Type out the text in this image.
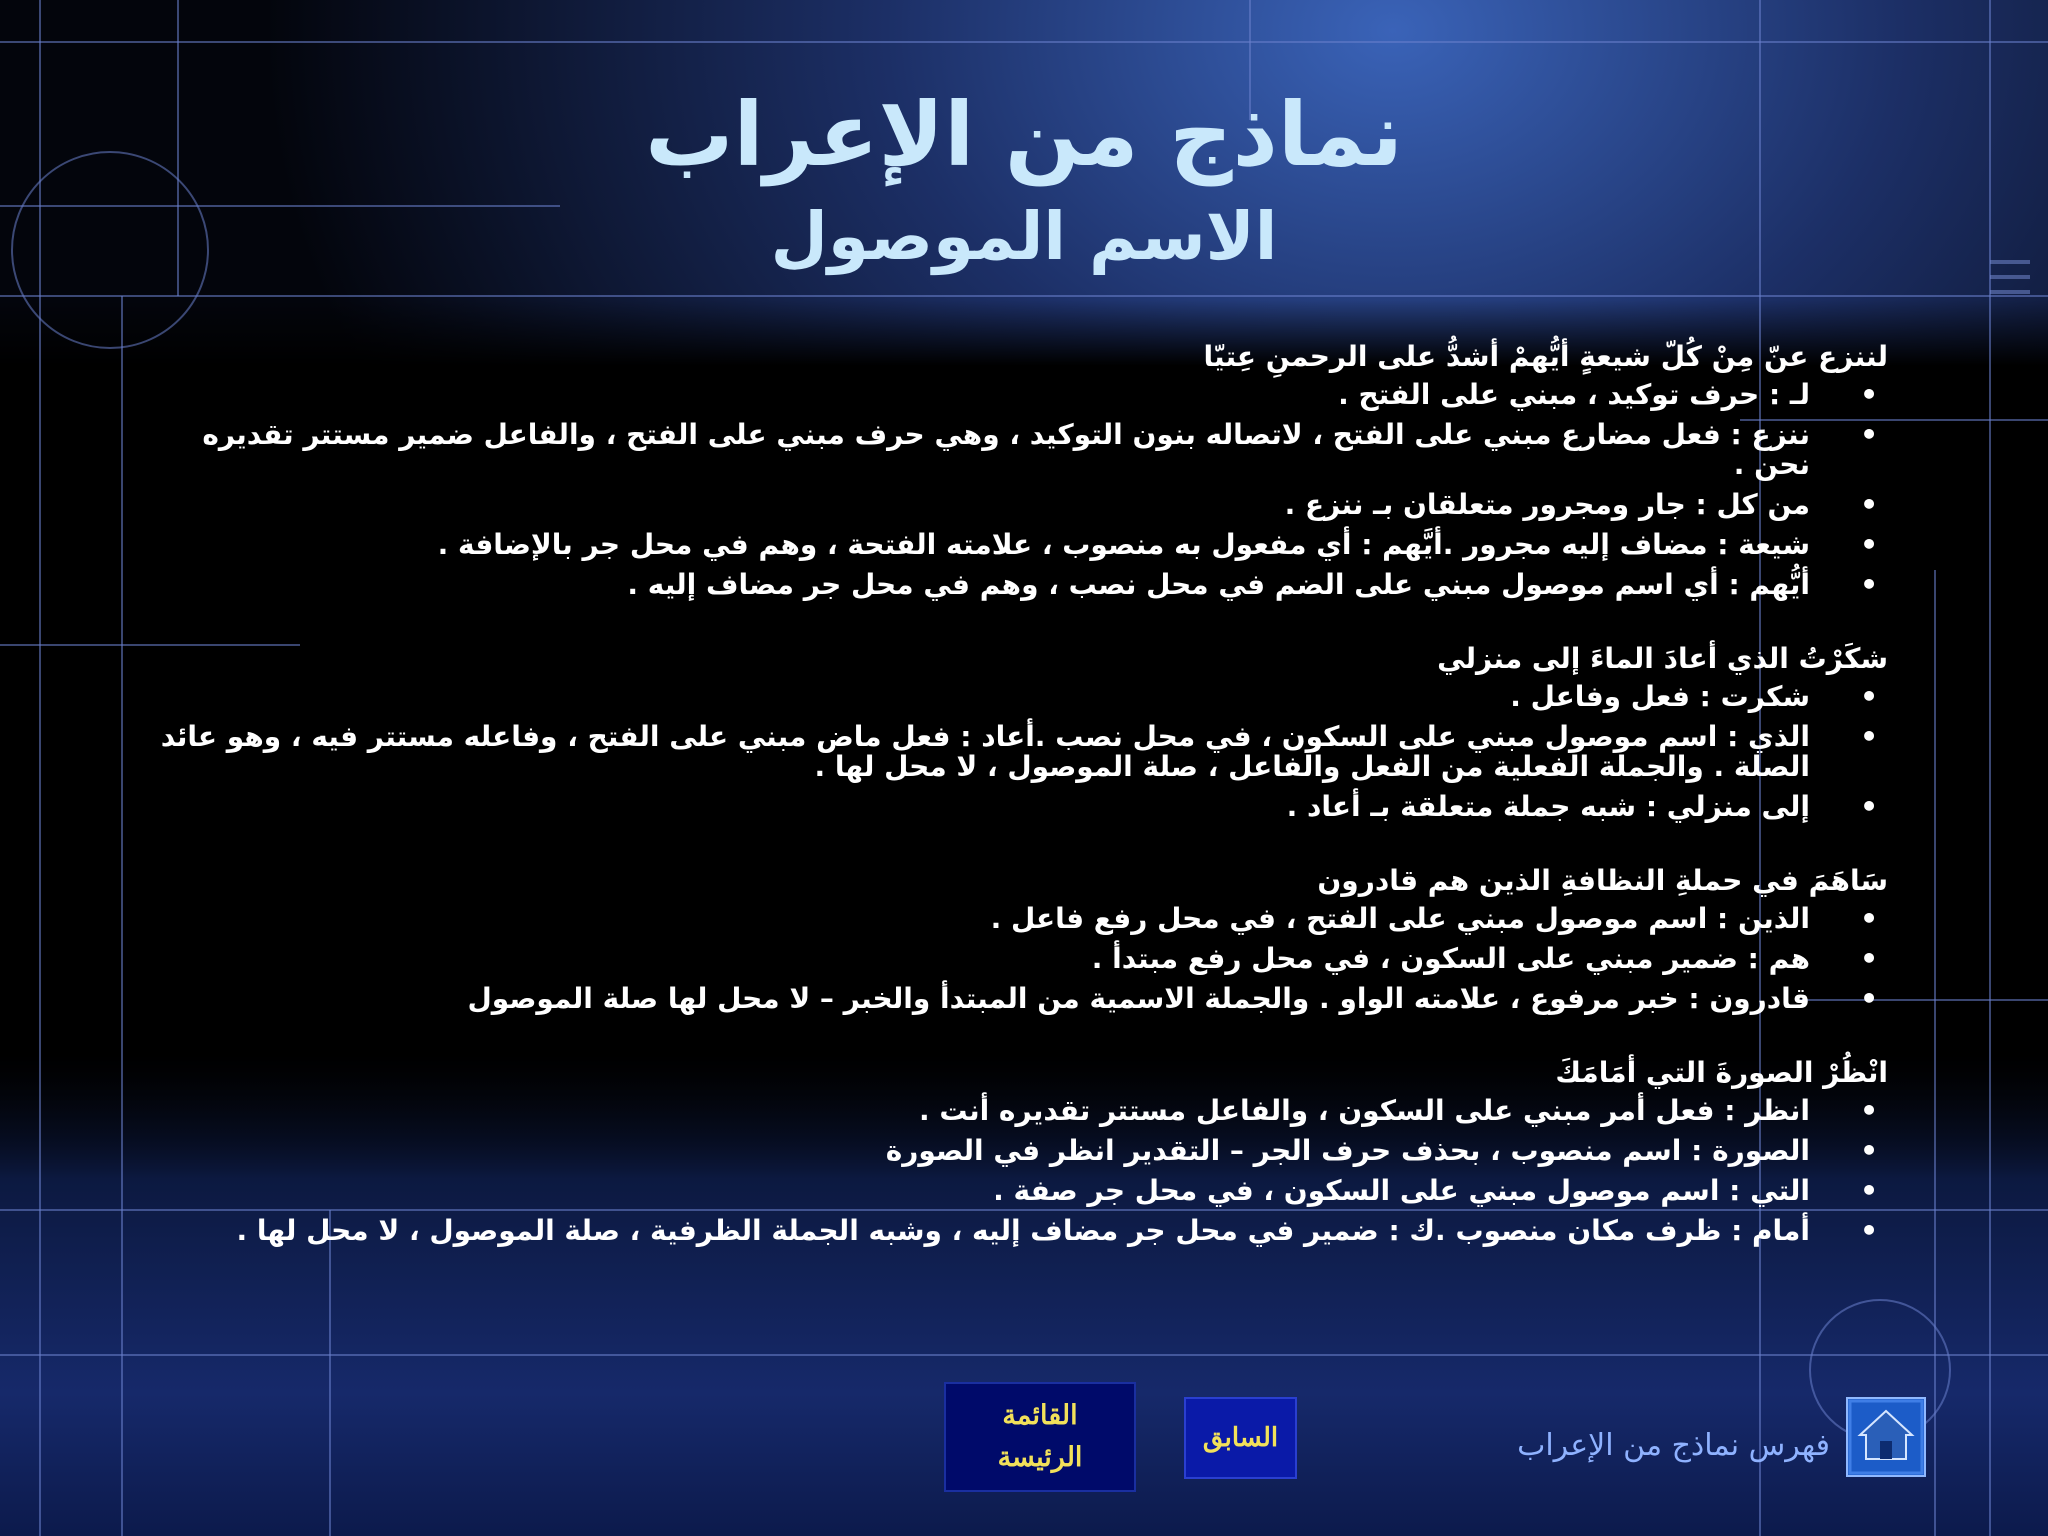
نماذج من الإعراب
الاسم الموصول
لننزع عنّ مِنْ كُلّ شيعةٍ أيُّهمْ أشدُّ على الرحمنِ عِتيّا
• لـ : حرف توكيد ، مبني على الفتح .
• ننزع : فعل مضارع مبني على الفتح ، لاتصاله بنون التوكيد ، وهي حرف مبني على الفتح ، والفاعل ضمير مستتر تقديره نحن .
• من كل : جار ومجرور متعلقان بـ ننزع .
• شيعة : مضاف إليه مجرور .أيَّهم : أي مفعول به منصوب ، علامته الفتحة ، وهم في محل جر بالإضافة .
• أيُّهم : أي اسم موصول مبني على الضم في محل نصب ، وهم في محل جر مضاف إليه .
شكَرْتُ الذي أعادَ الماءَ إلى منزلي
• شكرت : فعل وفاعل .
• الذي : اسم موصول مبني على السكون ، في محل نصب .أعاد : فعل ماض مبني على الفتح ، وفاعله مستتر فيه ، وهو عائد الصلة . والجملة الفعلية من الفعل والفاعل ، صلة الموصول ، لا محل لها .
• إلى منزلي : شبه جملة متعلقة بـ أعاد .
سَاهَمَ في حملةِ النظافةِ الذين هم قادرون
• الذين : اسم موصول مبني على الفتح ، في محل رفع فاعل .
• هم : ضمير مبني على السكون ، في محل رفع مبتدأ .
• قادرون : خبر مرفوع ، علامته الواو . والجملة الاسمية من المبتدأ والخبر – لا محل لها صلة الموصول
انْظُرْ الصورةَ التي أمَامَكَ
• انظر : فعل أمر مبني على السكون ، والفاعل مستتر تقديره أنت .
• الصورة : اسم منصوب ، بحذف حرف الجر – التقدير انظر في الصورة
• التي : اسم موصول مبني على السكون ، في محل جر صفة .
• أمام : ظرف مكان منصوب .ك : ضمير في محل جر مضاف إليه ، وشبه الجملة الظرفية ، صلة الموصول ، لا محل لها .
القائمة
الرئيسة
السابق	فهرس نماذج من الإعراب
